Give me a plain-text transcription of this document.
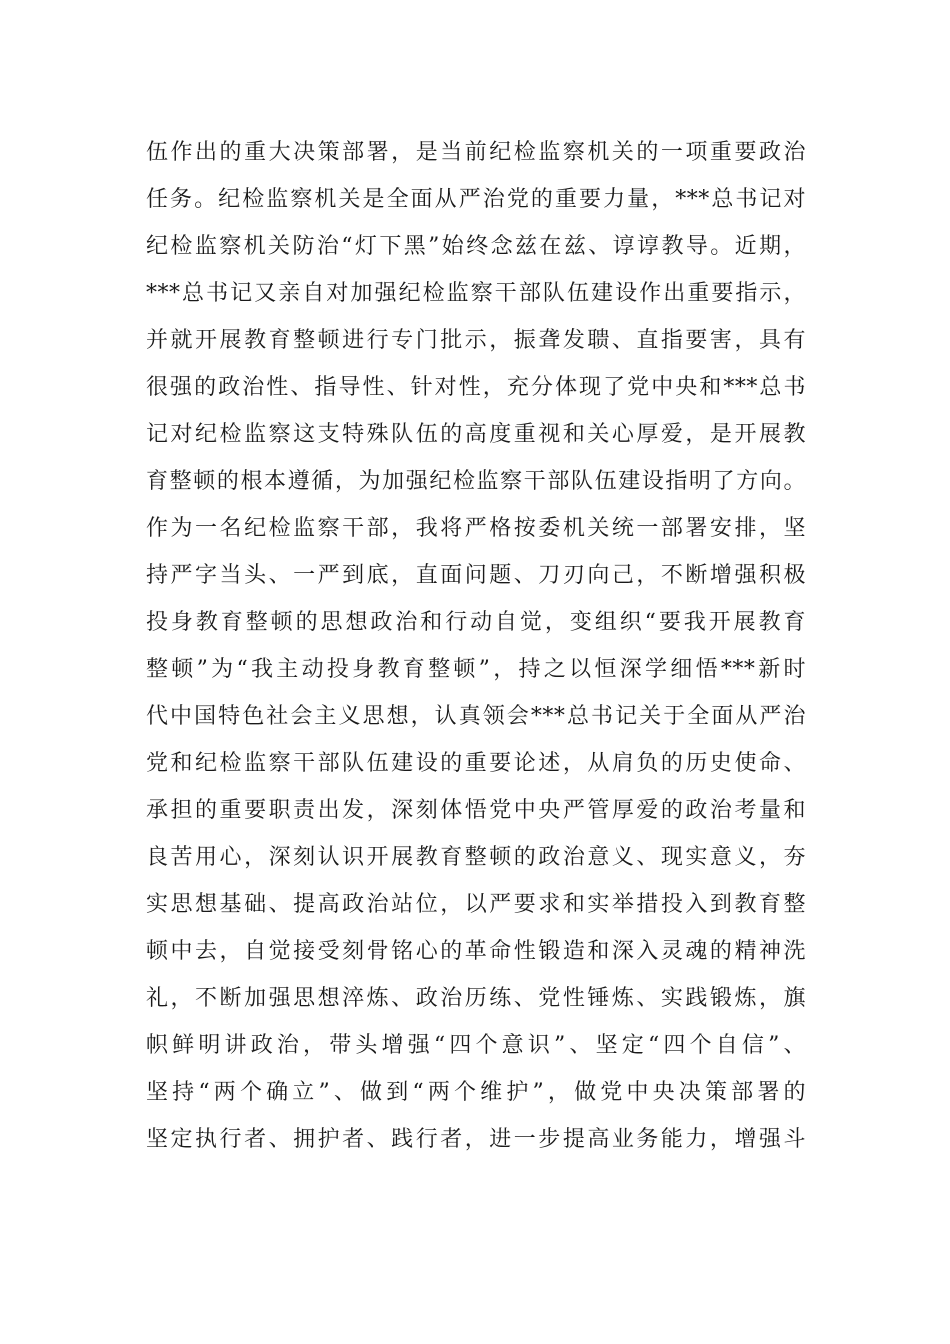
伍作出的重大决策部署，是当前纪检监察机关的一项重要政治
任务。纪检监察机关是全面从严治党的重要力量，***总书记对
纪检监察机关防治“灯下黑”始终念兹在兹、谆谆教导。近期，
***总书记又亲自对加强纪检监察干部队伍建设作出重要指示，
并就开展教育整顿进行专门批示，振聋发聩、直指要害，具有
很强的政治性、指导性、针对性，充分体现了党中央和***总书
记对纪检监察这支特殊队伍的高度重视和关心厚爱，是开展教
育整顿的根本遵循，为加强纪检监察干部队伍建设指明了方向。
作为一名纪检监察干部，我将严格按委机关统一部署安排，坚
持严字当头、一严到底，直面问题、刀刃向己，不断增强积极
投身教育整顿的思想政治和行动自觉，变组织“要我开展教育
整顿”为“我主动投身教育整顿”，持之以恒深学细悟***新时
代中国特色社会主义思想，认真领会***总书记关于全面从严治
党和纪检监察干部队伍建设的重要论述，从肩负的历史使命、
承担的重要职责出发，深刻体悟党中央严管厚爱的政治考量和
良苦用心，深刻认识开展教育整顿的政治意义、现实意义，夯
实思想基础、提高政治站位，以严要求和实举措投入到教育整
顿中去，自觉接受刻骨铭心的革命性锻造和深入灵魂的精神洗
礼，不断加强思想淬炼、政治历练、党性锤炼、实践锻炼，旗
帜鲜明讲政治，带头增强“四个意识”、坚定“四个自信”、
坚持“两个确立”、做到“两个维护”，做党中央决策部署的
坚定执行者、拥护者、践行者，进一步提高业务能力，增强斗
